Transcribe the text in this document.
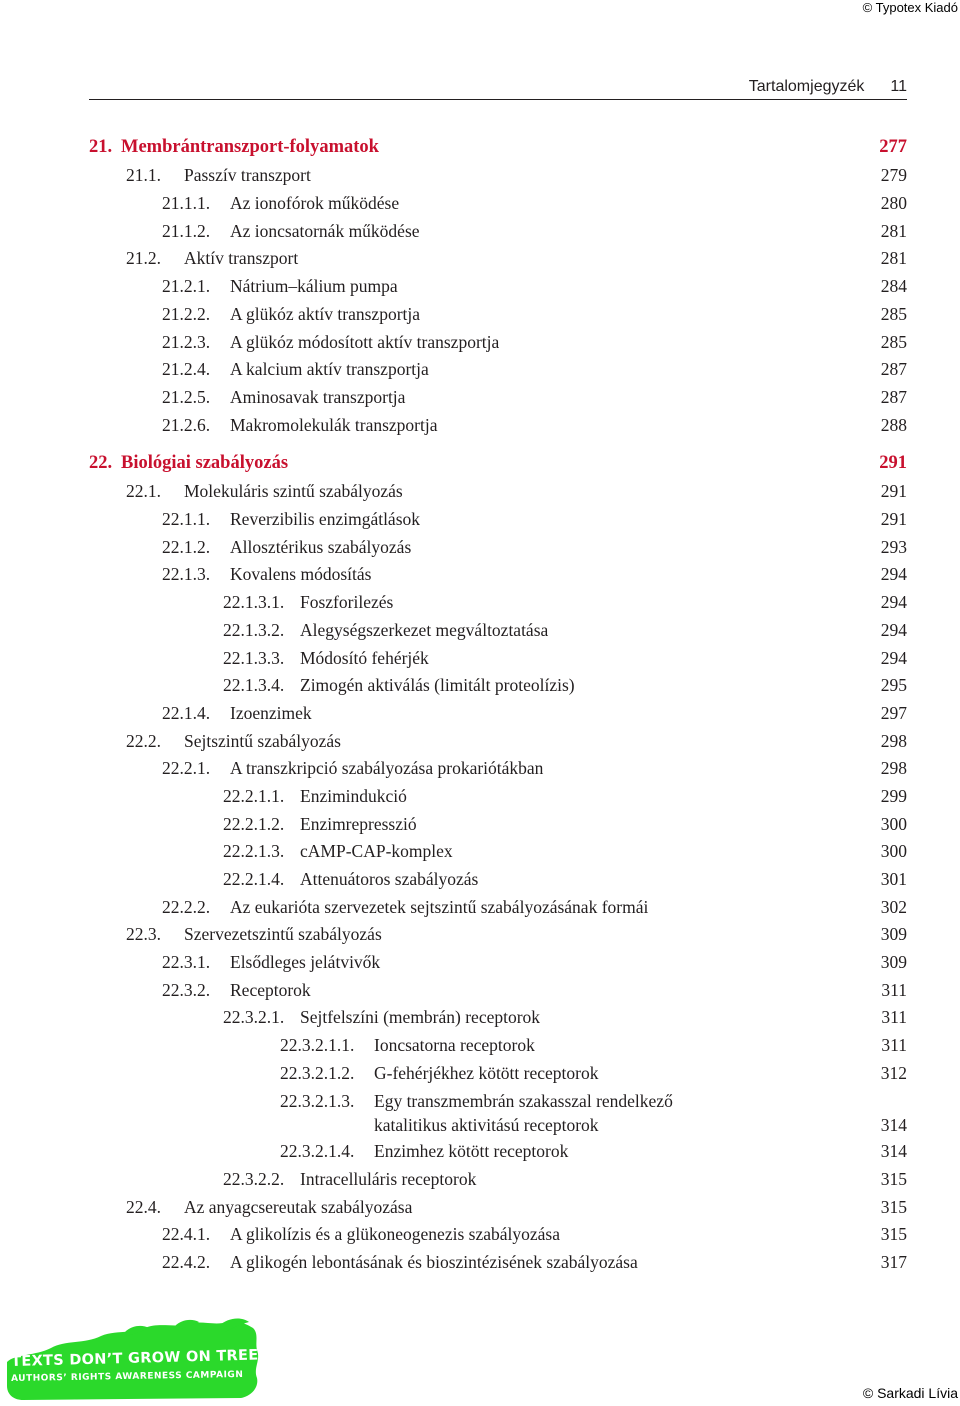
© Typotex Kiadó
Tartalomjegyzék 11
21. Membrántranszport-folyamatok	277
21.1. Passzív transzport	279
21.1.1. Az ionofórok működése	280
21.1.2. Az ioncsatornák működése	281
21.2. Aktív transzport	281
21.2.1. Nátrium–kálium pumpa	284
21.2.2. A glükóz aktív transzportja	285
21.2.3. A glükóz módosított aktív transzportja	285
21.2.4. A kalcium aktív transzportja	287
21.2.5. Aminosavak transzportja	287
21.2.6. Makromolekulák transzportja	288
22. Biológiai szabályozás	291
22.1. Molekuláris szintű szabályozás	291
22.1.1. Reverzibilis enzimgátlások	291
22.1.2. Allosztérikus szabályozás	293
22.1.3. Kovalens módosítás	294
22.1.3.1. Foszforilezés	294
22.1.3.2. Alegységszerkezet megváltoztatása	294
22.1.3.3. Módosító fehérjék	294
22.1.3.4. Zimogén aktiválás (limitált proteolízis)	295
22.1.4. Izoenzimek	297
22.2. Sejtszintű szabályozás	298
22.2.1. A transzkripció szabályozása prokariótákban	298
22.2.1.1. Enzimindukció	299
22.2.1.2. Enzimrepresszió	300
22.2.1.3. cAMP-CAP-komplex	300
22.2.1.4. Attenuátoros szabályozás	301
22.2.2. Az eukarióta szervezetek sejtszintű szabályozásának formái	302
22.3. Szervezetszintű szabályozás	309
22.3.1. Elsődleges jelátvivők	309
22.3.2. Receptorok	311
22.3.2.1. Sejtfelszíni (membrán) receptorok	311
22.3.2.1.1. Ioncsatorna receptorok	311
22.3.2.1.2. G-fehérjékhez kötött receptorok	312
22.3.2.1.3. Egy transzmembrán szakasszal rendelkező
katalitikus aktivitású receptorok	314
22.3.2.1.4. Enzimhez kötött receptorok	314
22.3.2.2. Intracelluláris receptorok	315
22.4. Az anyagcsereutak szabályozása	315
22.4.1. A glikolízis és a glükoneogenezis szabályozása	315
22.4.2. A glikogén lebontásának és bioszintézisének szabályozása	317
TEXTS DON’T GROW ON TREES!
AUTHORS’ RIGHTS AWARENESS CAMPAIGN
© Sarkadi Lívia
